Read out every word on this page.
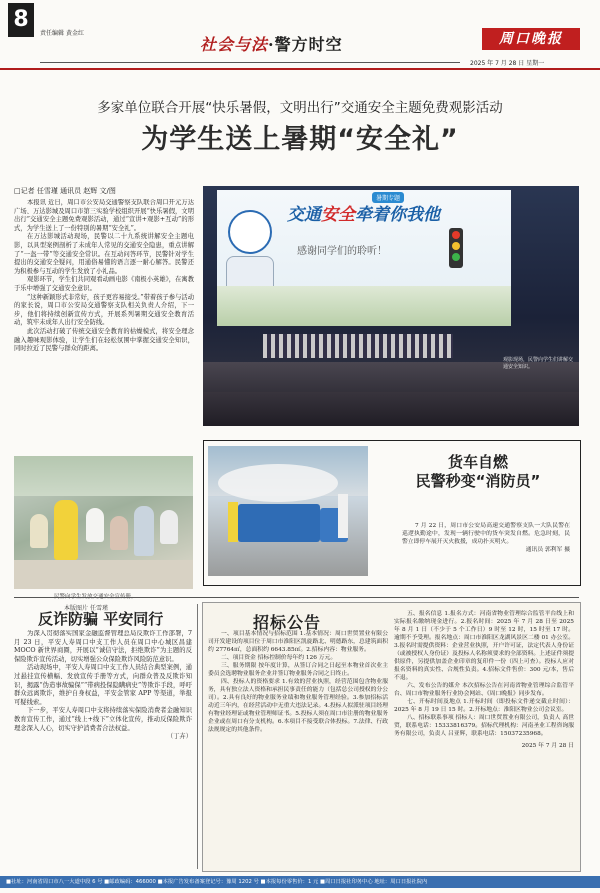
8
责任编辑 黄金红
社会与法·警方时空	周口晚报
2025 年 7 月 28 日 星期一
多家单位联合开展“快乐暑假，文明出行”交通安全主题免费观影活动
为学生送上暑期“安全礼”
□记者 任雪瑾 通讯员 赵辉 文/图

本报讯 近日，周口市公安局交通警察支队联合周口开元万达广场、万达影城及周口市第三实验学校组织开展“快乐暑假，文明出行”交通安全主题免费观影活动，通过“宣讲+观影+互动”的形式，为学生送上了一份特别的暑期“安全礼”。

在万达影城活动现场，民警以二十九系统讲解安全主题电影，以具型案例剖析了未成年人常见的交通安全隐患，重点讲解了“一盔一带”等交通安全常识。在互动问答环节，民警针对学生提出的交通安全疑问，用通俗易懂的语言逐一耐心解答。民警还为积极参与互动的学生发放了小礼品。

观影环节，学生们共同观看动画电影《南极小英雄》，在寓教于乐中增强了交通安全意识。

“这种新颖形式非常好，孩子更容易接受。”带着孩子参与活动的家长说，周口市公安局交通警察支队相关负责人介绍，下一步，他们将持续创新宣传方式，开展系列暑期交通安全教育活动，筑牢未成年人出行安全防线。

此次活动打破了传统交通安全教育的枯燥模式，将安全理念融入趣味观影体验，让学生们在轻松氛围中掌握交通安全知识，同时拉近了民警与群众的距离。

暑期专题
交通安全牵着你我他
感谢同学们的聆听！
观影现场，民警向学生们讲解交通安全知识。
本版图片 任雪瑾
货车自燃
民警秒变“消防员”

7 月 22 日，周口市公安局高速交通警察支队一大队民警在巡逻执勤途中，发现一辆行驶中的货车突发自燃。危急时刻，民警立即停车展开灭火救援，成功扑灭明火。

通讯员 郭利军 摄
反诈防骗 平安同行

为深入贯彻落实国家金融监督管理总局反欺诈工作部署，7 月 23 日，平安人寿周口中支工作人员在周口中心城区昌建 MOCO 新世界商圈，开展以“诚信守法，拒绝欺诈”为主题的反保险欺诈宣传活动，切实增强公众保险欺诈风险防范意识。

活动现场中，平安人寿周口中支工作人员结合典型案例，通过悬挂宣传横幅、发放宣传手册等方式，向群众普及反欺诈知识，揭露“伪造事故骗保”“带病投保隐瞒病史”等欺诈手段，呼吁群众远离欺诈，维护自身权益，平安金管家 APP 等渠道，举报可疑线索。

下一步，平安人寿周口中支将持续落实保险消费者金融知识教育宣传工作，通过“线上+线下”立体化宣传，推动反保险欺诈理念深入人心，切实守护消费者合法权益。

（丁卉）
招标公告

一、项目基本情况与招标范围 1.基本情况：周口世贸置业有限公司开发建设的项目位于周口市淮阳区凯旋路北、明德路东，总建筑面积约 27764㎡，总面积约 6643.85㎡。2.招标内容：物业服务。

二、项目资金 招标控制价每年约 126 万元。

三、服务期限 按年度计算，从签订合同之日起至本物业首次业主委员会选聘物业服务企业并签订物业服务合同之日终止。

四、投标人的资格要求 1.有效的营业执照，经营范围包含物业服务，具有独立法人资格和承担民事责任的能力（包括总公司授权的分公司）。2.具有良好的物业服务业绩和物业服务管理经验。3.参加招标活动近三年内，在经营活动中无重大违法记录。4.投标人拟派驻项目经理有物业经理证或物业管理师证书。5.投标人须在周口市注册的物业服务企业或在周口有分支机构。6.本项目不接受联合体投标。7.法律、行政法规规定的其他条件。

五、报名信息 1.报名方式：河南省物业管理综合监管平台线上和实际报名缴纳现金进行。2.报名时间：2025 年 7 月 28 日至 2025 年 8 月 1 日（不少于 5 个工作日）9 时至 12 时，15 时至 17 时。逾期不予受理。报名地点：周口市淮阳区龙湖风景区二楼 01 办公室。3.报名时需提供资料：企业营业执照，开户许可证，法定代表人身份证（或被授权人身份证）及投标人名称须要求的全部资料。上述证件须提供原件，另提供加盖企业印章的复印件一份（四上可查）。投标人应对报名资料的真实性、合规性负责。4.招标文件售价：300 元/本，售后不退。

六、发布公告的媒介 本次招标公告在河南省物业管理综合监管平台、周口市物业服务行业协会网站、《周口晚报》同步发布。

七、开标时间及地点 1.开标时间（即投标文件递交截止时间）：2025 年 8 月 19 日 15 时。2.开标地点：淮阳区物业公司会议室。

八、招标联系事项 招标人：周口世贸置业有限公司，负责人 高世贸，联系电话：15333816379。招标代理机构：河南圣业工程咨询服务有限公司，负责人 吕亚辉，联系电话：15037235968。

2025 年 7 月 28 日
■社址：河南省周口市八一大道中段 6 号 ■邮政编码：466000 ■本报广告发布备案登记号：豫周 1202 号 ■本报每份零售价：1 元 ■周口日报社印务中心 地址：周口日报社院内
